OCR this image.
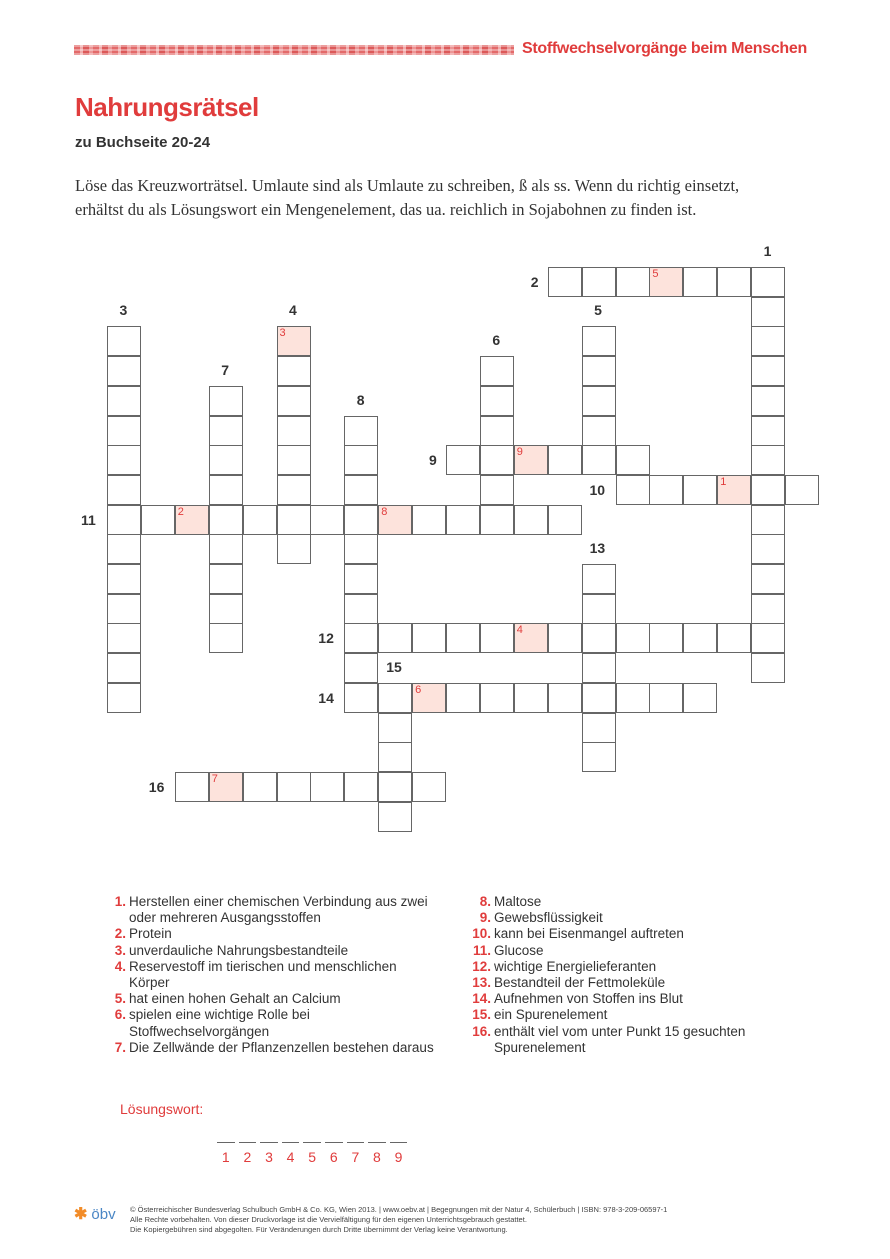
Stoffwechselvorgänge beim Menschen
Nahrungsrätsel
zu Buchseite 20-24
Löse das Kreuzworträtsel. Umlaute sind als Umlaute zu schreiben, ß als ss. Wenn du richtig einsetzt,
erhältst du als Lösungswort ein Mengenelement, das ua. reichlich in Sojabohnen zu finden ist.
1
2
3	4	5
6
7
8
9
10
11
12
13
14
15
16
5
3
9
1
2	8
4
6
7
1. Herstellen einer chemischen Verbindung aus zwei
oder mehreren Ausgangsstoffen
2. Protein
3. unverdauliche Nahrungsbestandteile
4. Reservestoff im tierischen und menschlichen
Körper
5. hat einen hohen Gehalt an Calcium
6. spielen eine wichtige Rolle bei
Stoffwechselvorgängen
7. Die Zellwände der Pflanzenzellen bestehen daraus
8. Maltose
9. Gewebsflüssigkeit
10. kann bei Eisenmangel auftreten
11. Glucose
12. wichtige Energielieferanten
13. Bestandteil der Fettmoleküle
14. Aufnehmen von Stoffen ins Blut
15. ein Spurenelement
16. enthält viel vom unter Punkt 15 gesuchten
Spurenelement
Lösungswort:
1 2 3 4 5 6 7 8 9
✱ öbv © Österreichischer Bundesverlag Schulbuch GmbH & Co. KG, Wien 2013. | www.oebv.at | Begegnungen mit der Natur 4, Schülerbuch | ISBN: 978-3-209-06597-1
Alle Rechte vorbehalten. Von dieser Druckvorlage ist die Vervielfältigung für den eigenen Unterrichtsgebrauch gestattet.
Die Kopiergebühren sind abgegolten. Für Veränderungen durch Dritte übernimmt der Verlag keine Verantwortung.
